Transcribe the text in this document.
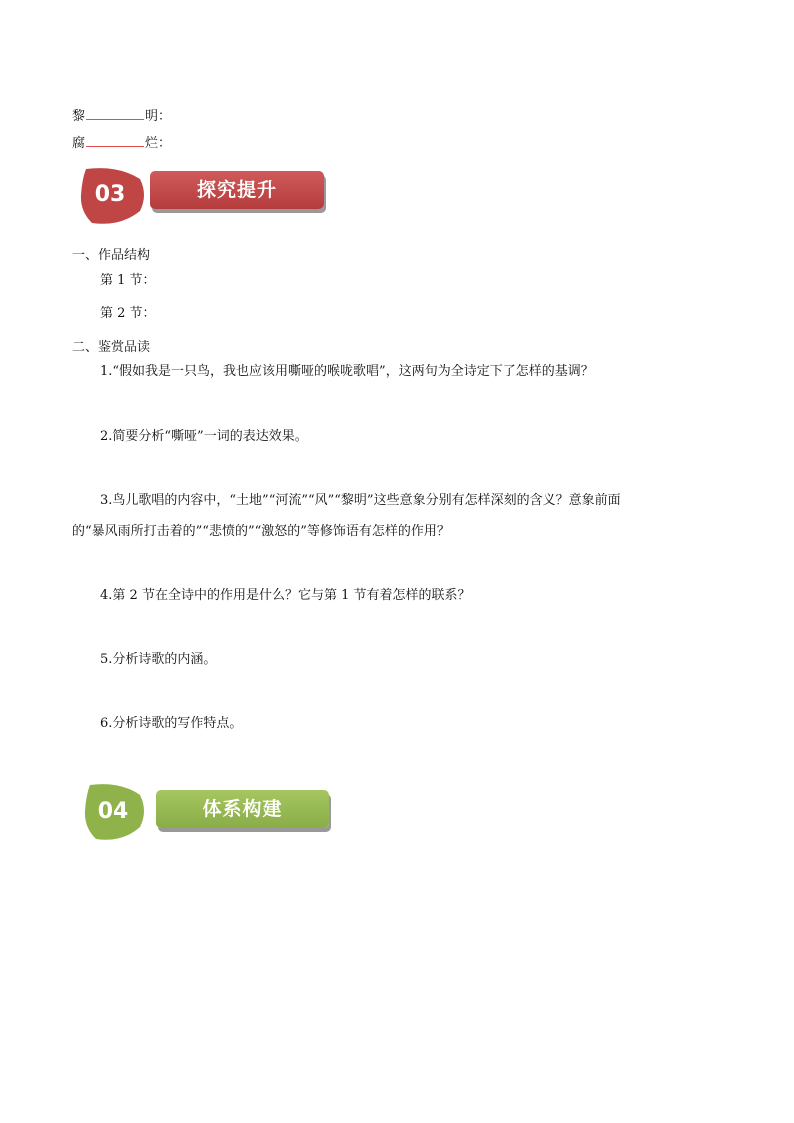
黎	明：
腐	烂：
03	探究提升
一、作品结构
第 1 节：
第 2 节：
二、鉴赏品读
1.“假如我是一只鸟，我也应该用嘶哑的喉咙歌唱”，这两句为全诗定下了怎样的基调？
2.简要分析“嘶哑”一词的表达效果。
3.鸟儿歌唱的内容中，“土地”“河流”“风”“黎明”这些意象分别有怎样深刻的含义？意象前面
的“暴风雨所打击着的”“悲愤的”“激怒的”等修饰语有怎样的作用？
4.第 2 节在全诗中的作用是什么？它与第 1 节有着怎样的联系？
5.分析诗歌的内涵。
6.分析诗歌的写作特点。
04	体系构建
